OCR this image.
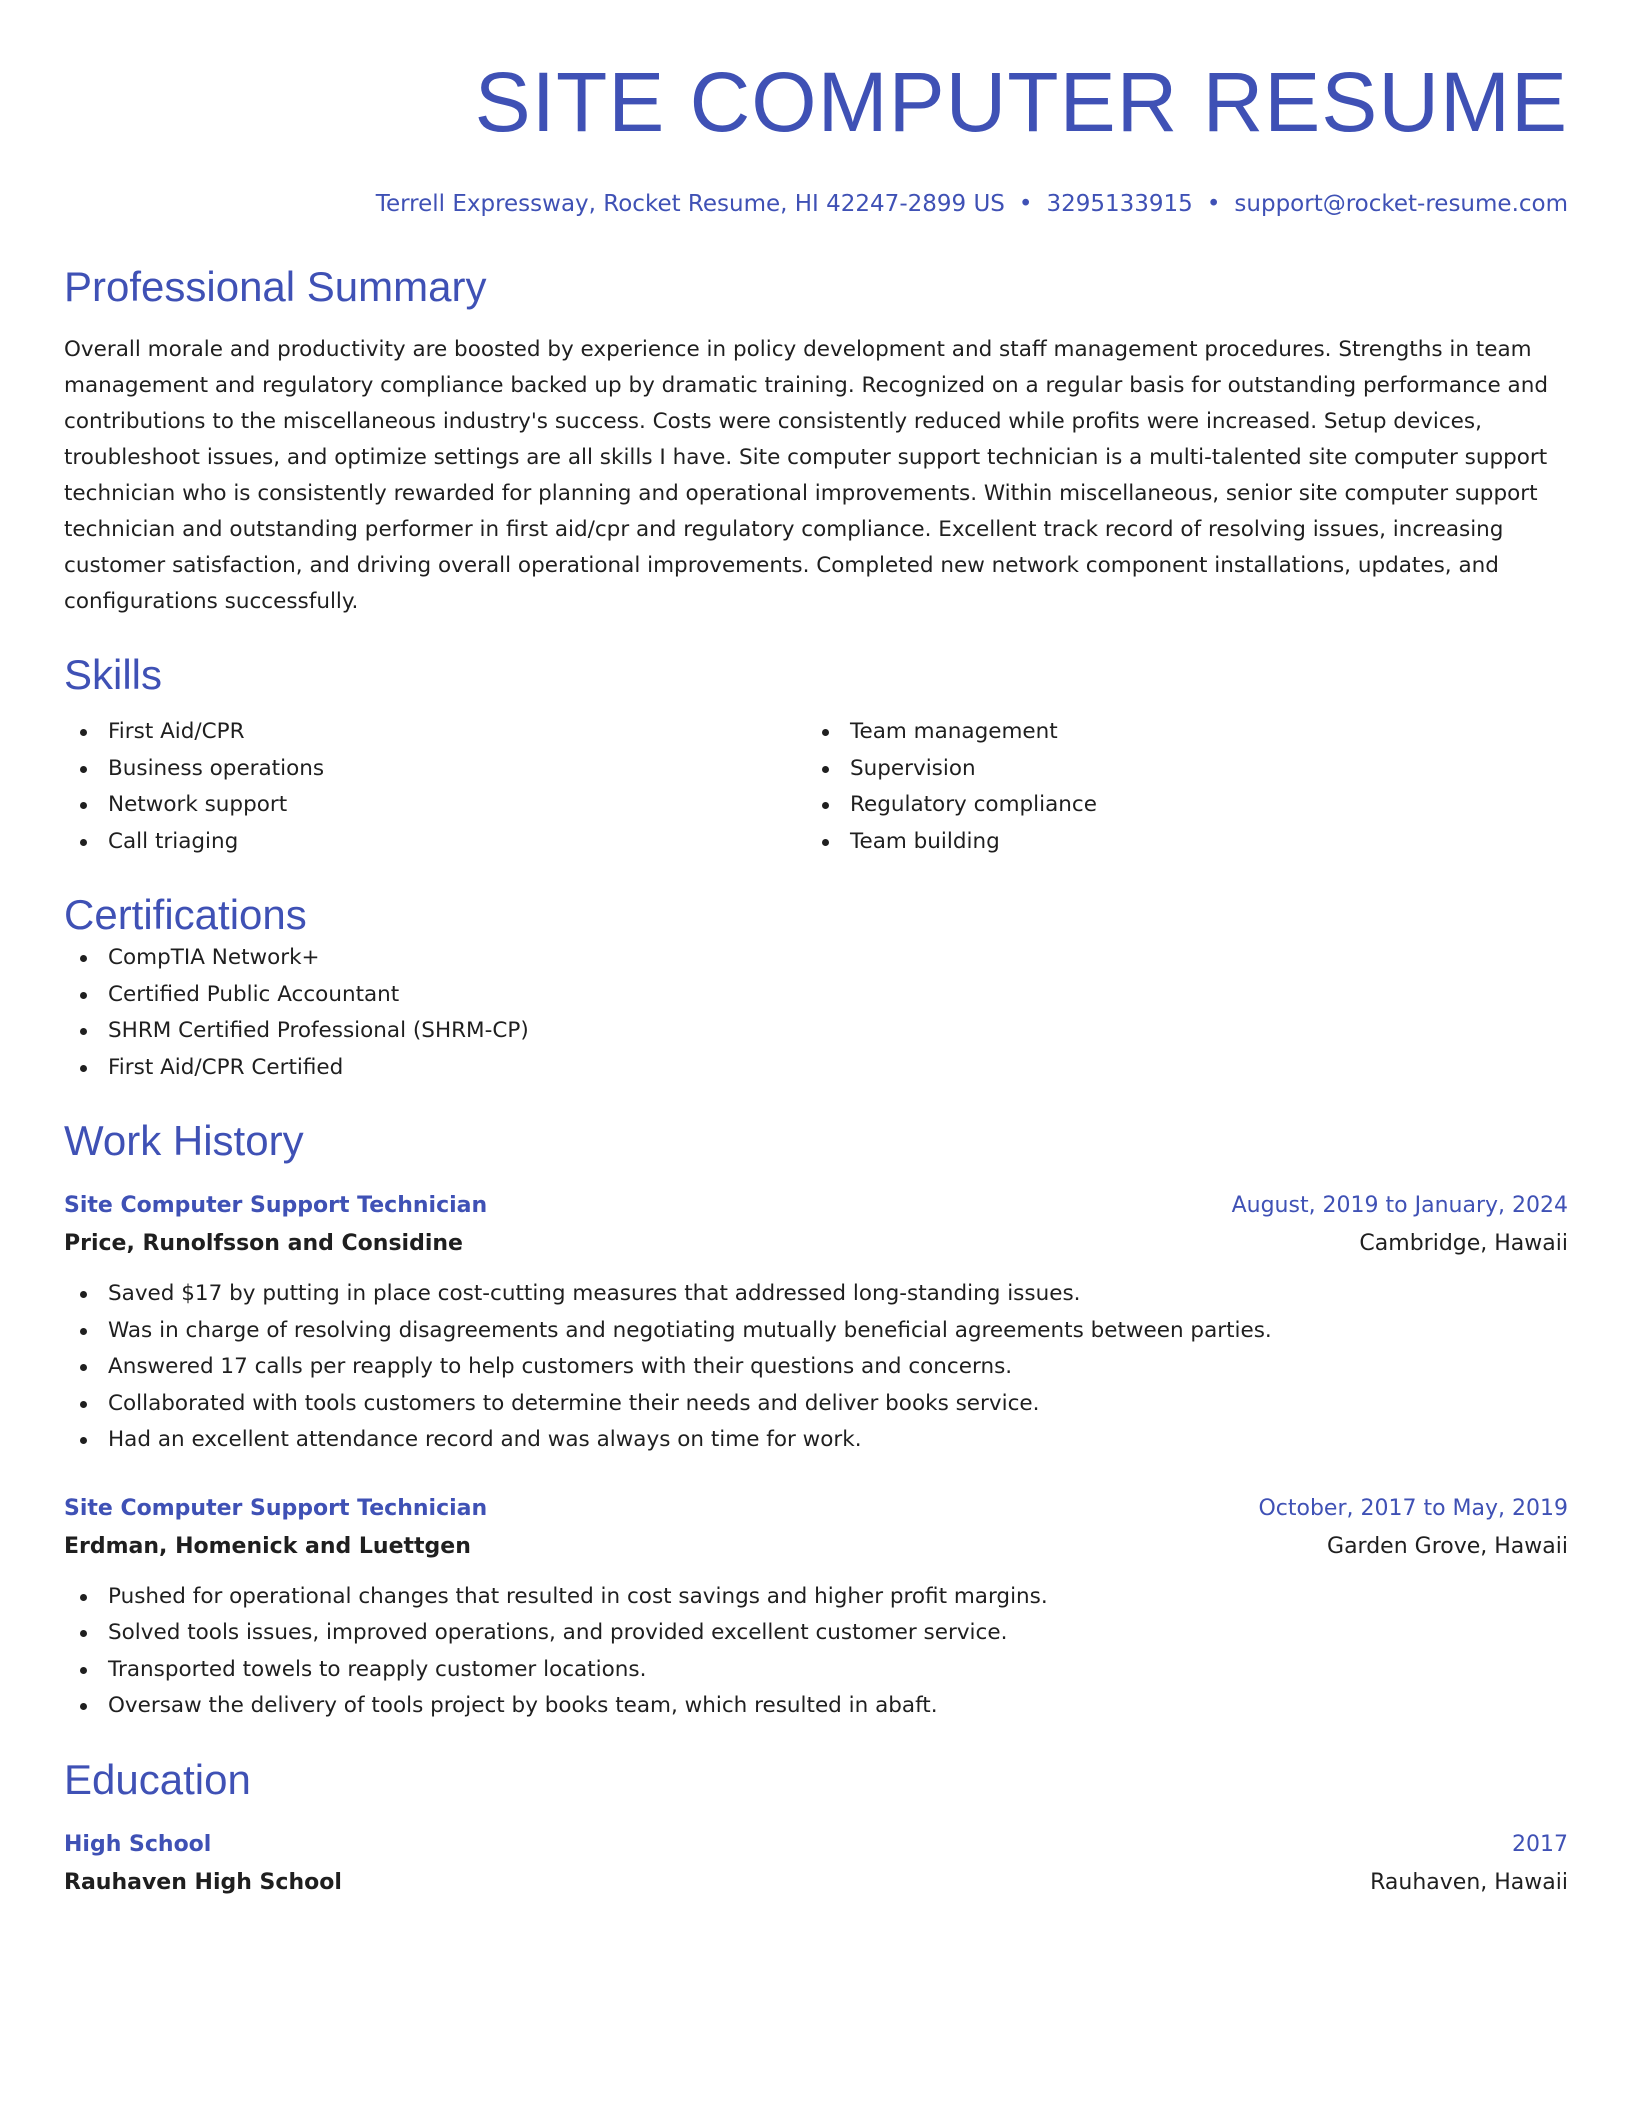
SITE COMPUTER RESUME
Terrell Expressway, Rocket Resume, HI 42247-2899 US • 3295133915 • support@rocket-resume.com
Professional Summary

Overall morale and productivity are boosted by experience in policy development and staff management procedures. Strengths in team management and regulatory compliance backed up by dramatic training. Recognized on a regular basis for outstanding performance and contributions to the miscellaneous industry's success. Costs were consistently reduced while profits were increased. Setup devices, troubleshoot issues, and optimize settings are all skills I have. Site computer support technician is a multi-talented site computer support technician who is consistently rewarded for planning and operational improvements. Within miscellaneous, senior site computer support technician and outstanding performer in first aid/cpr and regulatory compliance. Excellent track record of resolving issues, increasing customer satisfaction, and driving overall operational improvements. Completed new network component installations, updates, and configurations successfully.

Skills
First Aid/CPR
Business operations
Network support
Call triaging
Team management
Supervision
Regulatory compliance
Team building
Certifications
CompTIA Network+
Certified Public Accountant
SHRM Certified Professional (SHRM-CP)
First Aid/CPR Certified
Work History
Site Computer Support Technician	August, 2019 to January, 2024
Price, Runolfsson and Considine	Cambridge, Hawaii
Saved $17 by putting in place cost-cutting measures that addressed long-standing issues.
Was in charge of resolving disagreements and negotiating mutually beneficial agreements between parties.
Answered 17 calls per reapply to help customers with their questions and concerns.
Collaborated with tools customers to determine their needs and deliver books service.
Had an excellent attendance record and was always on time for work.
Site Computer Support Technician	October, 2017 to May, 2019
Erdman, Homenick and Luettgen	Garden Grove, Hawaii
Pushed for operational changes that resulted in cost savings and higher profit margins.
Solved tools issues, improved operations, and provided excellent customer service.
Transported towels to reapply customer locations.
Oversaw the delivery of tools project by books team, which resulted in abaft.
Education
High School	2017
Rauhaven High School	Rauhaven, Hawaii
